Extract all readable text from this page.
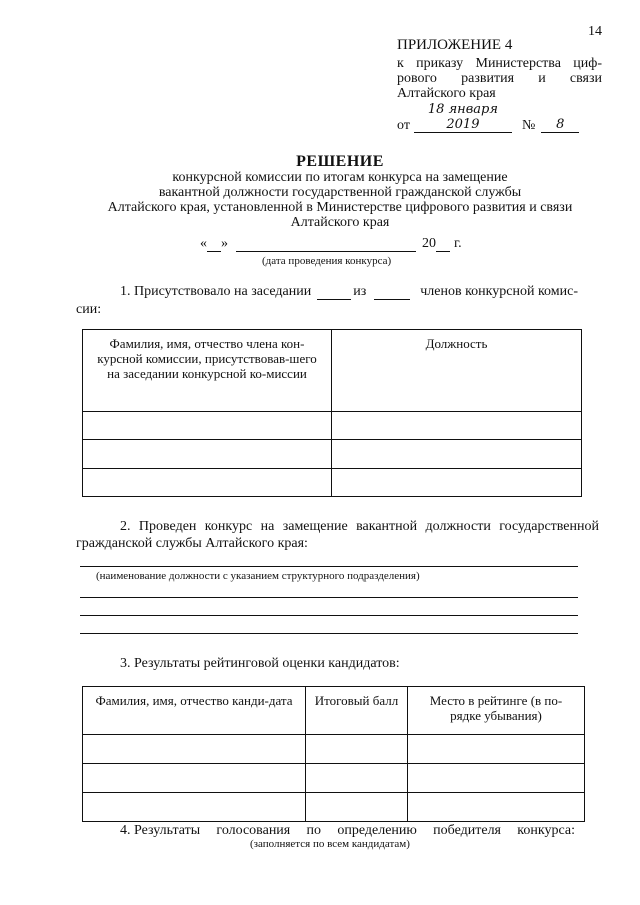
14
ПРИЛОЖЕНИЕ 4
к приказу Министерства циф-
рового развития и связи
Алтайского края
от
18 января 2019	№	8
РЕШЕНИЕ
конкурсной комиссии по итогам конкурса на замещение
вакантной должности государственной гражданской службы
Алтайского края, установленной в Министерстве цифрового развития и связи
Алтайского края
« »	20 г.
(дата проведения конкурса)
1. Присутствовало на заседании	из	членов конкурсной комис-
сии:
Фамилия, имя, отчество члена кон-курсной комиссии, присутствовав-шего на заседании конкурсной ко-миссии	Должность

2. Проведен конкурс на замещение вакантной должности государственной гражданской службы Алтайского края:
(наименование должности с указанием структурного подразделения)
3. Результаты рейтинговой оценки кандидатов:
Фамилия, имя, отчество канди-дата	Итоговый балл	Место в рейтинге (в по-рядке убывания)

4. Результаты голосования по определению победителя конкурса:
(заполняется по всем кандидатам)
